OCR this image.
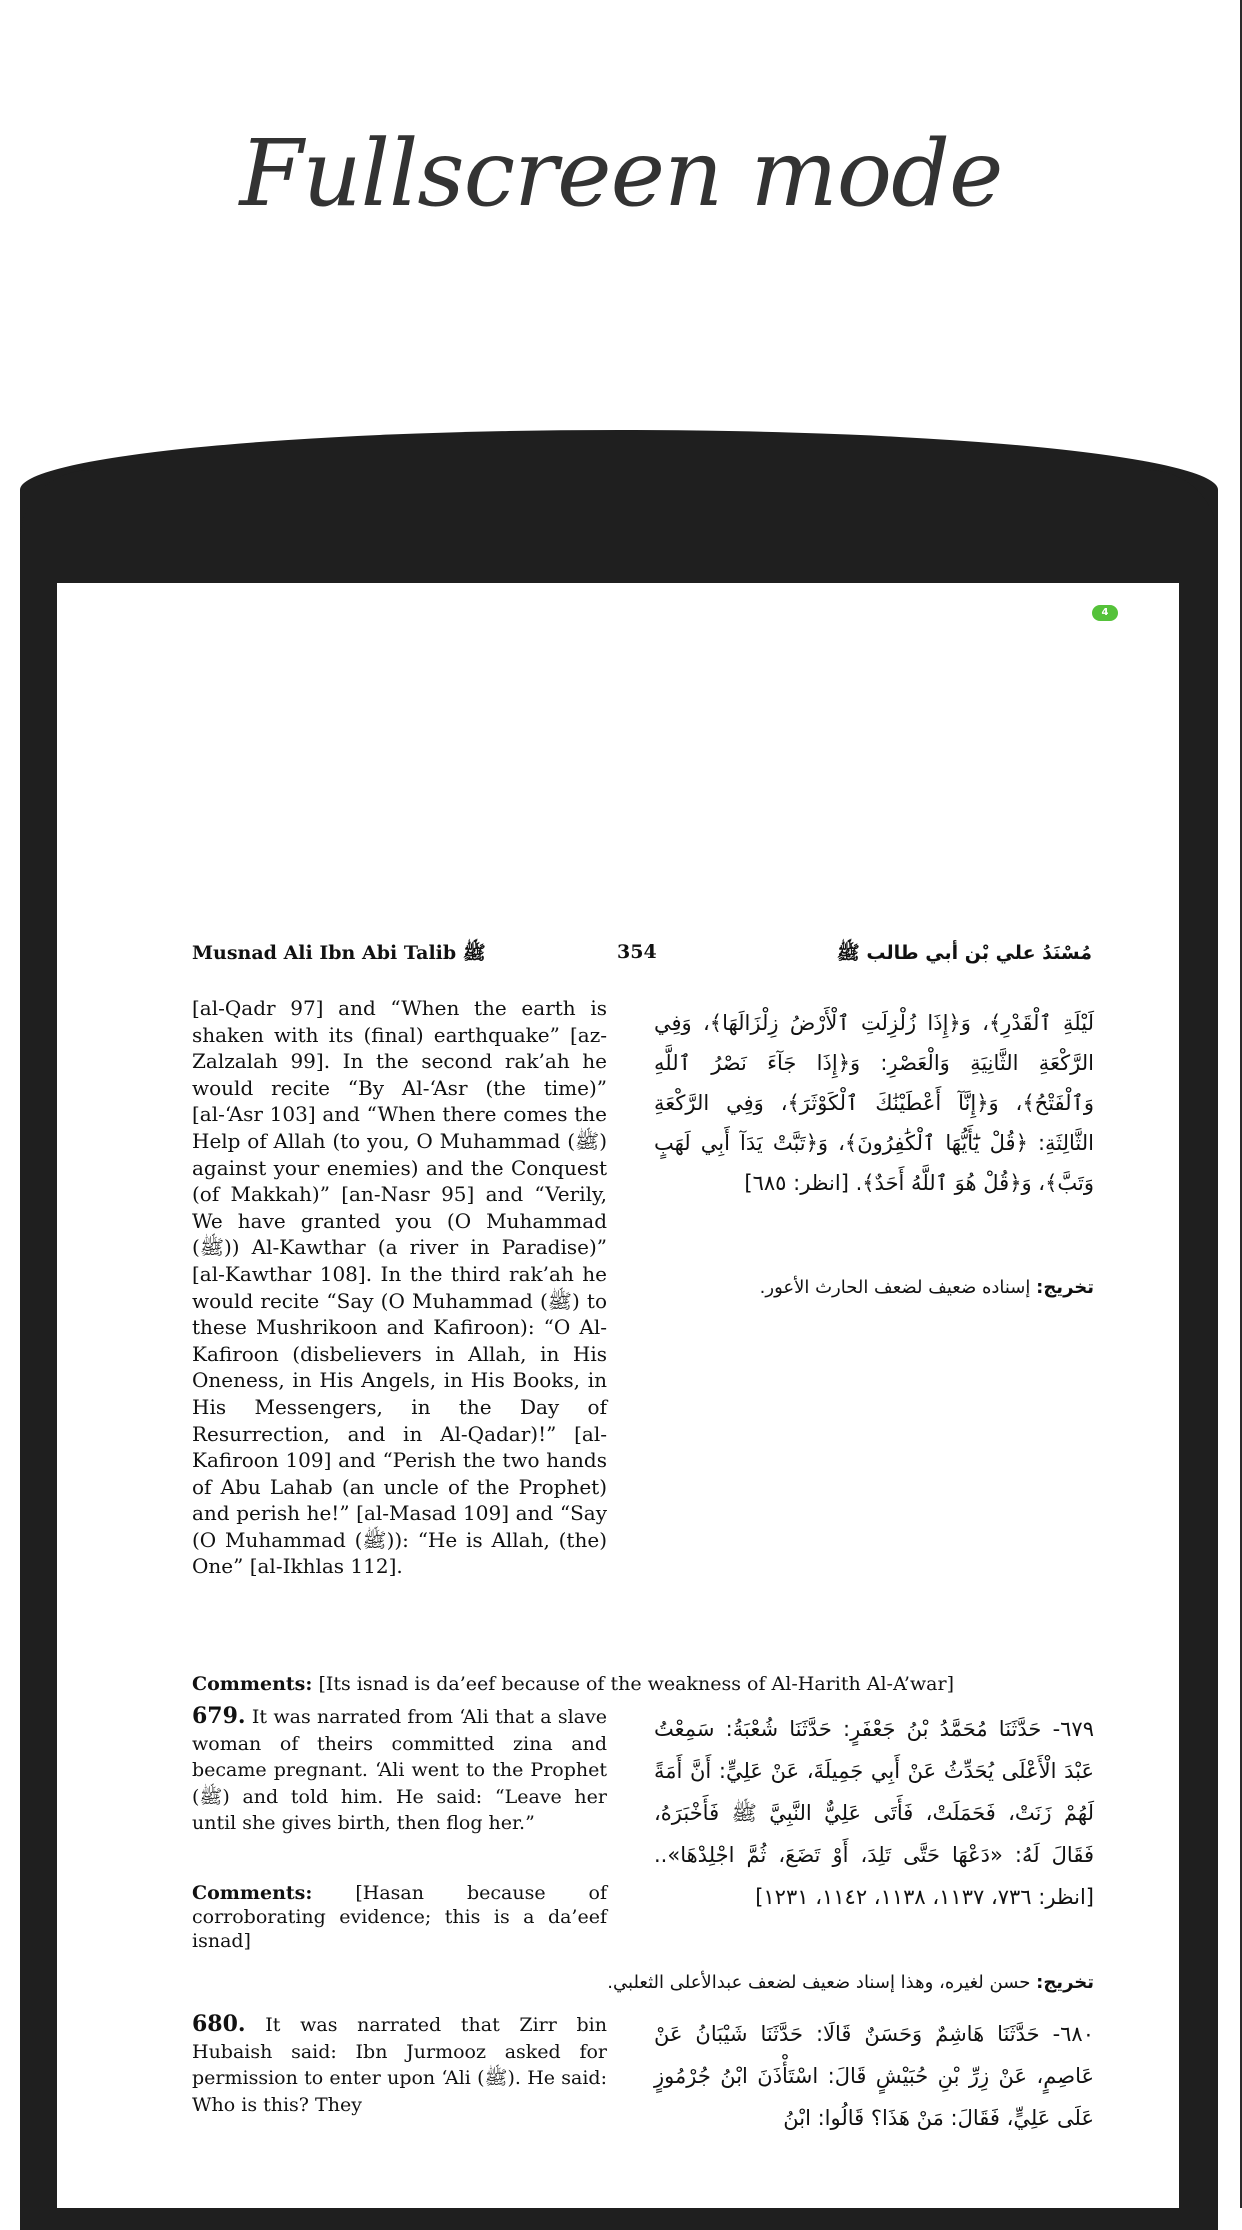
Fullscreen mode
4
Musnad Ali Ibn Abi Talib ﷺ	354	مُسْنَدُ علي بْن أبي طالب ﷺ
[al-Qadr 97] and “When the earth is shaken with its (final) earthquake” [az-Zalzalah 99]. In the second rak’ah he would recite “By Al-‘Asr (the time)” [al-‘Asr 103] and “When there comes the Help of Allah (to you, O Muhammad (ﷺ) against your enemies) and the Conquest (of Makkah)” [an-Nasr 95] and “Verily, We have granted you (O Muhammad (ﷺ)) Al-Kawthar (a river in Paradise)” [al-Kawthar 108]. In the third rak’ah he would recite “Say (O Muhammad (ﷺ) to these Mushrikoon and Kafiroon): “O Al-Kafiroon (disbelievers in Allah, in His Oneness, in His Angels, in His Books, in His Messengers, in the Day of Resurrection, and in Al-Qadar)!” [al-Kafiroon 109] and “Perish the two hands of Abu Lahab (an uncle of the Prophet) and perish he!” [al-Masad 109] and “Say (O Muhammad (ﷺ)): “He is Allah, (the) One” [al-Ikhlas 112].
لَيْلَةِ ٱلْقَدْرِ﴾، وَ﴿إِذَا زُلْزِلَتِ ٱلْأَرْضُ زِلْزَالَهَا﴾، وَفِي الرَّكْعَةِ الثَّانِيَةِ وَالْعَصْرِ: وَ﴿إِذَا جَآءَ نَصْرُ ٱللَّهِ وَٱلْفَتْحُ﴾، وَ﴿إِنَّآ أَعْطَيْنَٰكَ ٱلْكَوْثَرَ﴾، وَفِي الرَّكْعَةِ الثَّالِثَةِ: ﴿قُلْ يَٰٓأَيُّهَا ٱلْكَٰفِرُونَ﴾، وَ﴿تَبَّتْ يَدَآ أَبِي لَهَبٍ وَتَبَّ﴾، وَ﴿قُلْ هُوَ ٱللَّهُ أَحَدٌ﴾. [انظر: ٦٨٥]
تخريج: إسناده ضعيف لضعف الحارث الأعور.
Comments: [Its isnad is da’eef because of the weakness of Al-Harith Al-A’war]
679. It was narrated from ‘Ali that a slave woman of theirs committed zina and became pregnant. ‘Ali went to the Prophet (ﷺ) and told him. He said: “Leave her until she gives birth, then flog her.”
Comments: [Hasan because of corroborating evidence; this is a da’eef isnad]
٦٧٩- حَدَّثَنَا مُحَمَّدُ بْنُ جَعْفَرٍ: حَدَّثَنَا شُعْبَةُ: سَمِعْتُ عَبْدَ الْأَعْلَى يُحَدِّثُ عَنْ أَبِي جَمِيلَةَ، عَنْ عَلِيٍّ: أَنَّ أَمَةً لَهُمْ زَنَتْ، فَحَمَلَتْ، فَأَتَى عَلِيٌّ النَّبِيَّ ﷺ فَأَخْبَرَهُ، فَقَالَ لَهُ: «دَعْهَا حَتَّى تَلِدَ، أَوْ تَضَعَ، ثُمَّ اجْلِدْهَا».. [انظر: ٧٣٦، ١١٣٧، ١١٣٨، ١١٤٢، ١٢٣١]
تخريج: حسن لغيره، وهذا إسناد ضعيف لضعف عبدالأعلى الثعلبي.
680. It was narrated that Zirr bin Hubaish said: Ibn Jurmooz asked for permission to enter upon ‘Ali (ﷺ). He said: Who is this? They
٦٨٠- حَدَّثَنَا هَاشِمٌ وَحَسَنٌ قَالَا: حَدَّثَنَا شَيْبَانُ عَنْ عَاصِمٍ، عَنْ زِرِّ بْنِ حُبَيْشٍ قَالَ: اسْتَأْذَنَ ابْنُ جُرْمُوزٍ عَلَى عَلِيٍّ، فَقَالَ: مَنْ هَذَا؟ قَالُوا: ابْنُ
